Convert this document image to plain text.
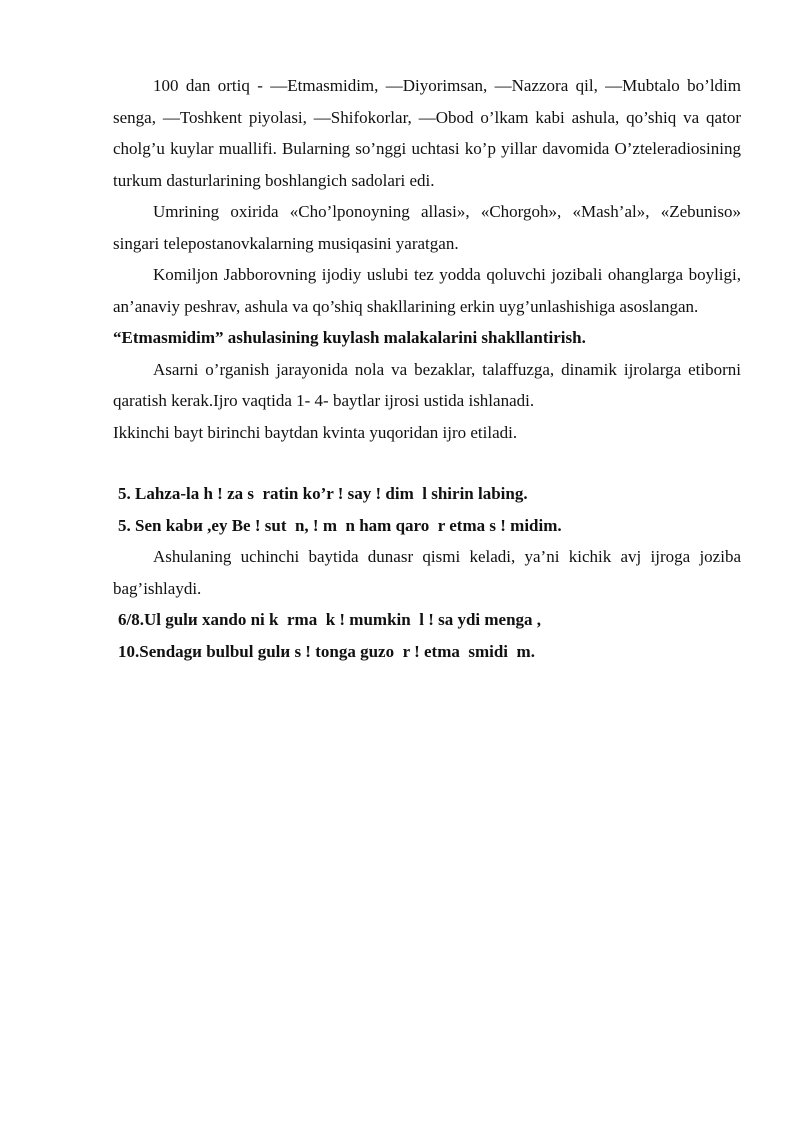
100 dan ortiq - ―Etmasmidim, ―Diyorimsan, ―Nazzora qil, ―Mubtalo bo’ldim senga, ―Toshkent piyolasi, ―Shifokorlar, ―Obod o’lkam kabi ashula, qo’shiq va qator cholg’u kuylar muallifi. Bularning so’nggi uchtasi ko’p yillar davomida O’zteleradiosining turkum dasturlarining boshlangich sadolari edi.

Umrining oxirida «Cho’lponoyning allasi», «Chorgoh», «Mash’al», «Zebuniso» singari telepostanovkalarning musiqasini yaratgan.

Komiljon Jabborovning ijodiy uslubi tez yodda qoluvchi jozibali ohanglarga boyligi, an’anaviy peshrav, ashula va qo’shiq shakllarining erkin uyg’unlashishiga asoslangan.

“Etmasmidim” ashulasining kuylash malakalarini shakllantirish.

Asarni o’rganish jarayonida nola va bezaklar, talaffuzga, dinamik ijrolarga etiborni qaratish kerak.Ijro vaqtida 1- 4- baytlar ijrosi ustida ishlanadi.

Ikkinchi bayt birinchi baytdan kvinta yuqoridan ijro etiladi.

5. Lahza-la h ! za s  ratin ko’r ! say ! dim  l shirin labing.

5. Sen kabи ,ey Be ! sut  n, ! m  n ham qaro  r etma s ! midim.

Ashulaning uchinchi baytida dunasr qismi keladi, ya’ni kichik avj ijroga joziba bag’ishlaydi.

6/8.Ul gulи xando ni k  rma  k ! mumkin  l ! sa ydi menga ,

10.Sendagи bulbul gulи s ! tonga guzo  r ! etma  smidi  m.
